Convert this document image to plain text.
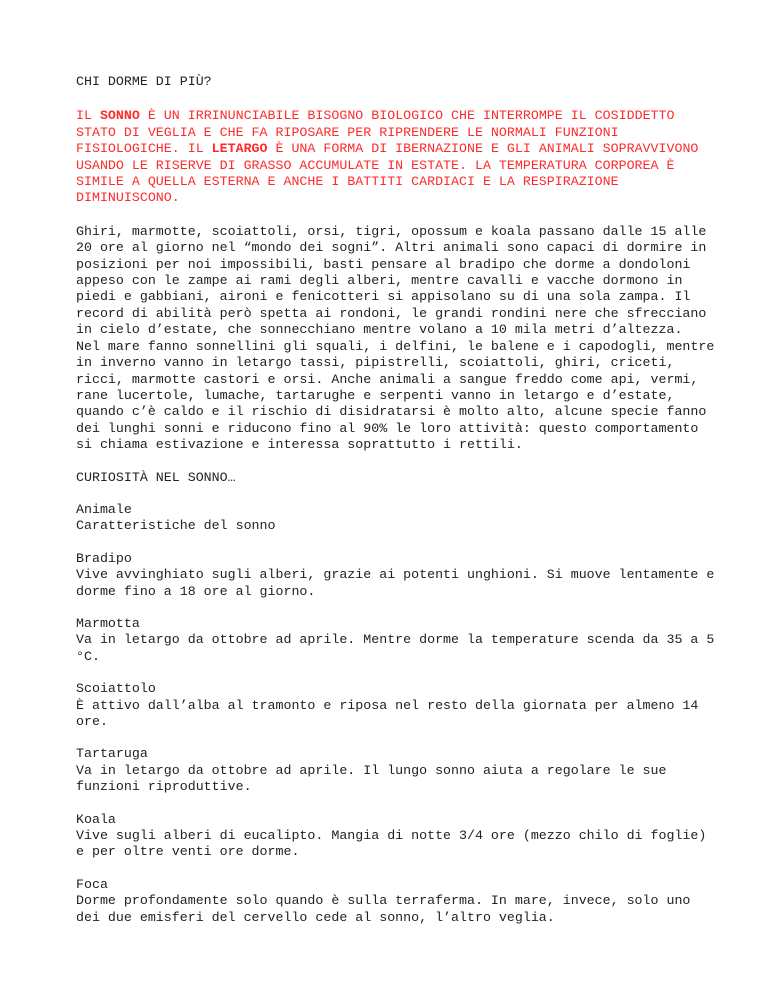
CHI DORME DI PIÙ?

IL SONNO È UN IRRINUNCIABILE BISOGNO BIOLOGICO CHE INTERROMPE IL COSIDDETTO STATO DI VEGLIA E CHE FA RIPOSARE PER RIPRENDERE LE NORMALI FUNZIONI FISIOLOGICHE. IL LETARGO È UNA FORMA DI IBERNAZIONE E GLI ANIMALI SOPRAVVIVONO USANDO LE RISERVE DI GRASSO ACCUMULATE IN ESTATE. LA TEMPERATURA CORPOREA È SIMILE A QUELLA ESTERNA E ANCHE I BATTITI CARDIACI E LA RESPIRAZIONE DIMINUISCONO.

Ghiri, marmotte, scoiattoli, orsi, tigri, opossum e koala passano dalle 15 alle 20 ore al giorno nel “mondo dei sogni”. Altri animali sono capaci di dormire in posizioni per noi impossibili, basti pensare al bradipo che dorme a dondoloni appeso con le zampe ai rami degli alberi, mentre cavalli e vacche dormono in piedi e gabbiani, aironi e fenicotteri si appisolano su di una sola zampa. Il record di abilità però spetta ai rondoni, le grandi rondini nere che sfrecciano in cielo d’estate, che sonnecchiano mentre volano a 10 mila metri d’altezza.

Nel mare fanno sonnellini gli squali, i delfini, le balene e i capodogli, mentre in inverno vanno in letargo tassi, pipistrelli, scoiattoli, ghiri, criceti, ricci, marmotte castori e orsi. Anche animali a sangue freddo come api, vermi, rane lucertole, lumache, tartarughe e serpenti vanno in letargo e d’estate, quando c’è caldo e il rischio di disidratarsi è molto alto, alcune specie fanno dei lunghi sonni e riducono fino al 90% le loro attività: questo comportamento si chiama estivazione e interessa soprattutto i rettili.

CURIOSITÀ NEL SONNO…

Animale
Caratteristiche del sonno

Bradipo
Vive avvinghiato sugli alberi, grazie ai potenti unghioni. Si muove lentamente e dorme fino a 18 ore al giorno.

Marmotta
Va in letargo da ottobre ad aprile. Mentre dorme la temperature scenda da 35 a 5 °C.

Scoiattolo
È attivo dall’alba al tramonto e riposa nel resto della giornata per almeno 14 ore.

Tartaruga
Va in letargo da ottobre ad aprile. Il lungo sonno aiuta a regolare le sue funzioni riproduttive.

Koala
Vive sugli alberi di eucalipto. Mangia di notte 3/4 ore (mezzo chilo di foglie) e per oltre venti ore dorme.

Foca
Dorme profondamente solo quando è sulla terraferma. In mare, invece, solo uno dei due emisferi del cervello cede al sonno, l’altro veglia.
